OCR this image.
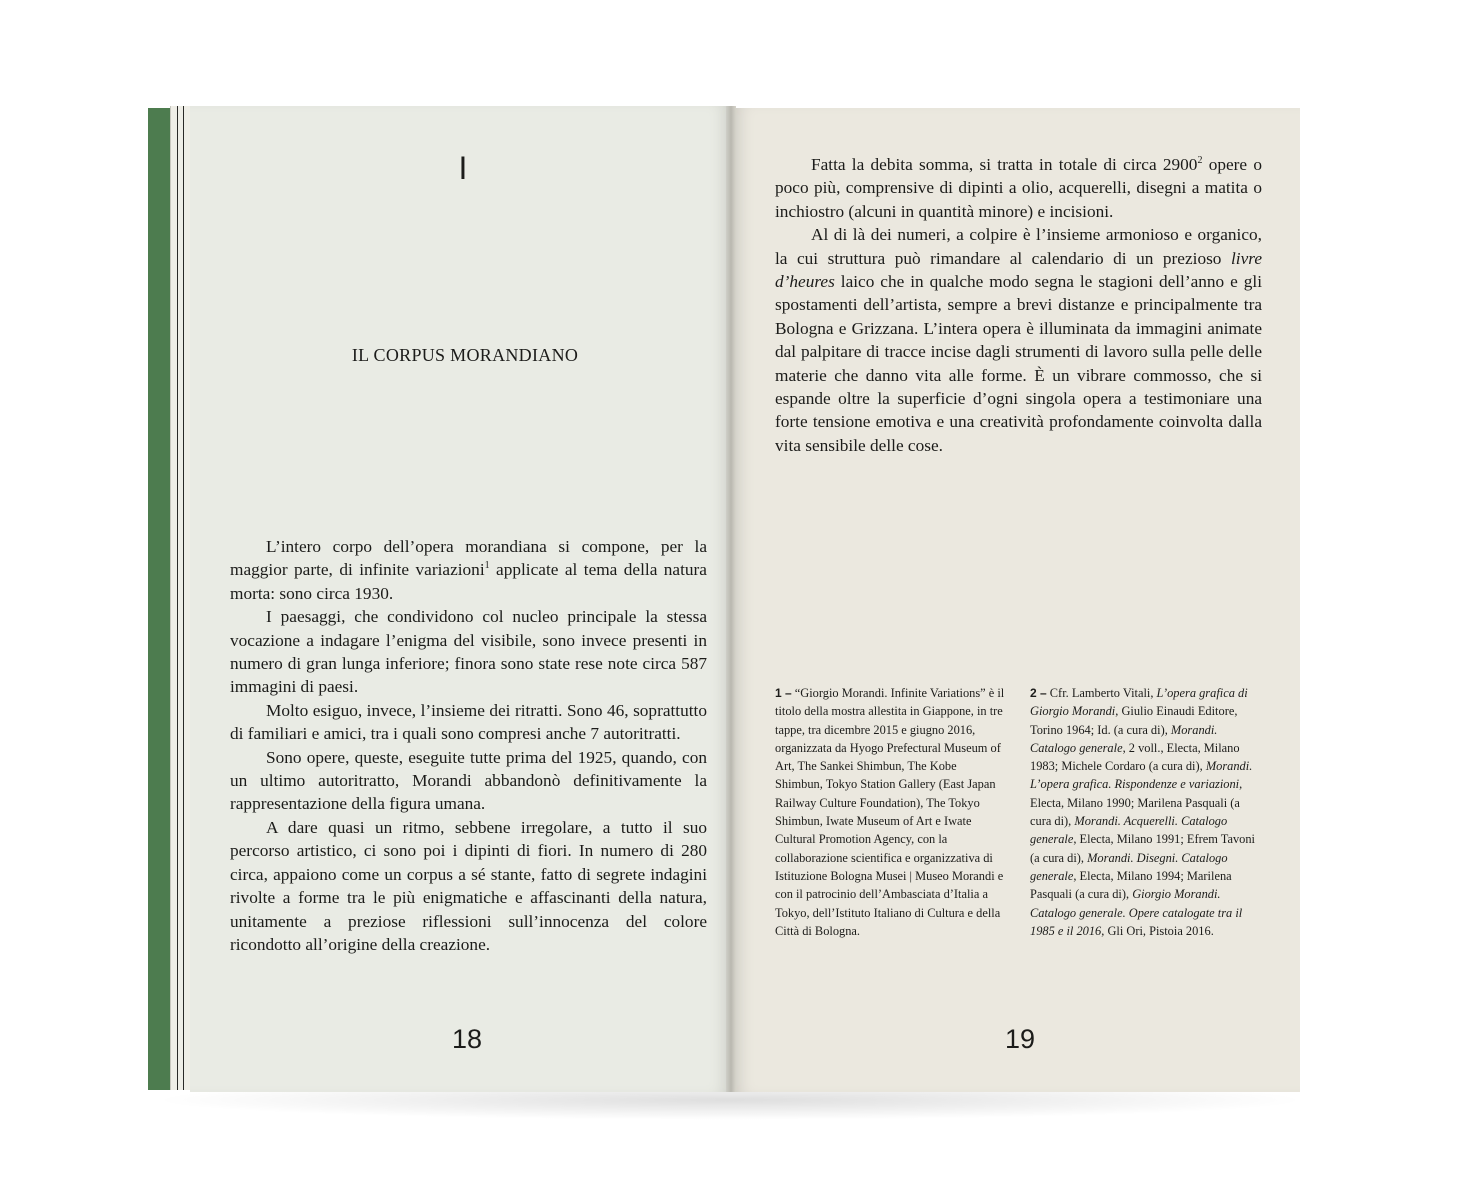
I
IL CORPUS MORANDIANO

L’intero corpo dell’opera morandiana si compone, per la maggior parte, di infinite variazioni$^1$ applicate al tema della natura morta: sono circa 1930.

I paesaggi, che condividono col nucleo principale la stessa vocazione a indagare l’enigma del visibile, sono invece presenti in numero di gran lunga inferiore; finora sono state rese note circa 587 immagini di paesi.

Molto esiguo, invece, l’insieme dei ritratti. Sono 46, soprattutto di familiari e amici, tra i quali sono compresi anche 7 autoritratti.

Sono opere, queste, eseguite tutte prima del 1925, quando, con un ultimo autoritratto, Morandi abbandonò definitivamente la rappresentazione della figura umana.

A dare quasi un ritmo, sebbene irregolare, a tutto il suo percorso artistico, ci sono poi i dipinti di fiori. In numero di 280 circa, appaiono come un corpus a sé stante, fatto di segrete indagini rivolte a forme tra le più enigmatiche e affascinanti della natura, unitamente a preziose riflessioni sull’innocenza del colore ricondotto all’origine della creazione.

18

Fatta la debita somma, si tratta in totale di circa 2900$^2$ opere o poco più, comprensive di dipinti a olio, acquerelli, disegni a matita o inchiostro (alcuni in quantità minore) e incisioni.

Al di là dei numeri, a colpire è l’insieme armonioso e organico, la cui struttura può rimandare al calendario di un prezioso livre d’heures laico che in qualche modo segna le stagioni dell’anno e gli spostamenti dell’artista, sempre a brevi distanze e principalmente tra Bologna e Grizzana. L’intera opera è illuminata da immagini animate dal palpitare di tracce incise dagli strumenti di lavoro sulla pelle delle materie che danno vita alle forme. È un vibrare commosso, che si espande oltre la superficie d’ogni singola opera a testimoniare una forte tensione emotiva e una creatività profondamente coinvolta dalla vita sensibile delle cose.

1 – “Giorgio Morandi. Infinite Variations” è il titolo della mostra allestita in Giappone, in tre tappe, tra dicembre 2015 e giugno 2016, organizzata da Hyogo Prefectural Museum of Art, The Sankei Shimbun, The Kobe Shimbun, Tokyo Station Gallery (East Japan Railway Culture Foundation), The Tokyo Shimbun, Iwate Museum of Art e Iwate Cultural Promotion Agency, con la collaborazione scientifica e organizzativa di Istituzione Bologna Musei | Museo Morandi e con il patrocinio dell’Ambasciata d’Italia a Tokyo, dell’Istituto Italiano di Cultura e della Città di Bologna.
2 – Cfr. Lamberto Vitali, L’opera grafica di Giorgio Morandi, Giulio Einaudi Editore, Torino 1964; Id. (a cura di), Morandi. Catalogo generale, 2 voll., Electa, Milano 1983; Michele Cordaro (a cura di), Morandi. L’opera grafica. Rispondenze e variazioni, Electa, Milano 1990; Marilena Pasquali (a cura di), Morandi. Acquerelli. Catalogo generale, Electa, Milano 1991; Efrem Tavoni (a cura di), Morandi. Disegni. Catalogo generale, Electa, Milano 1994; Marilena Pasquali (a cura di), Giorgio Morandi. Catalogo generale. Opere catalogate tra il 1985 e il 2016, Gli Ori, Pistoia 2016.
19
